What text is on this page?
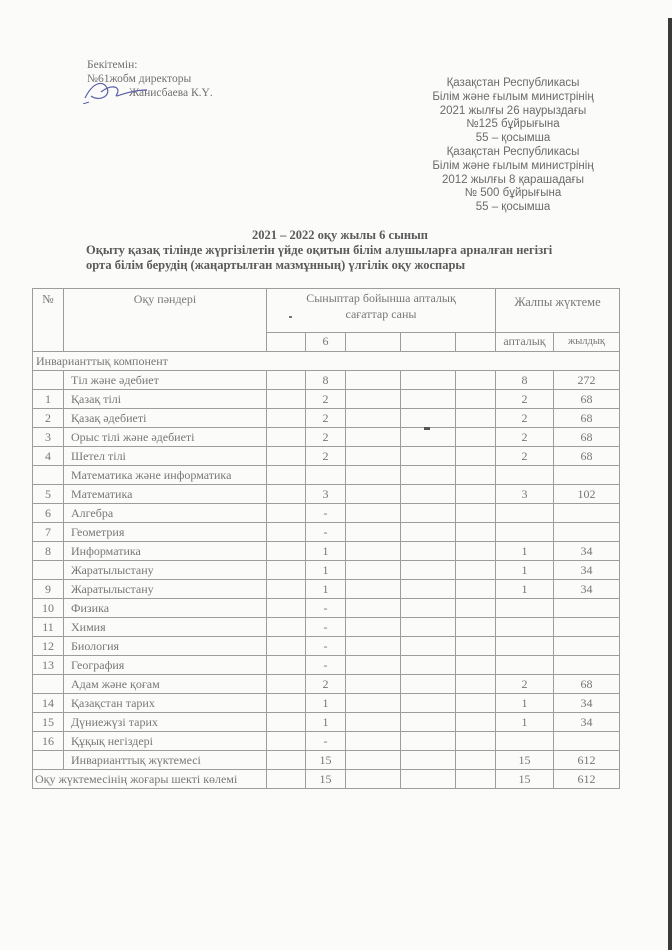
Бекітемін:
№61жобм директоры
Жанисбаева К.Ү.
Қазақстан Республикасы
Білім және ғылым министрінің
2021 жылғы 26 наурыздағы
№125 бұйрығына
55 – қосымша
Қазақстан Республикасы
Білім және ғылым министрінің
2012 жылғы 8 қарашадағы
№ 500 бұйрығына
55 – қосымша
2021 – 2022 оқу жылы 6 сынып
Оқыту қазақ тілінде жүргізілетін үйде оқитын білім алушыларға арналған негізгі
орта білім берудің (жаңартылған мазмұнның) үлгілік оқу жоспары
№	Оқу пәндері	Сыныптар бойынша апталық сағаттар саны					Жалпы жүктеме	
			6				апталық	жылдық
Инварианттық компонент								
	Тіл және әдебиет		8				8	272
1	Қазақ тілі		2				2	68
2	Қазақ әдебиеті		2				2	68
3	Орыс тілі және әдебиеті		2				2	68
4	Шетел тілі		2				2	68
	Математика және информатика							
5	Математика		3				3	102
6	Алгебра		-					
7	Геометрия		-					
8	Информатика		1				1	34
	Жаратылыстану		1				1	34
9	Жаратылыстану		1				1	34
10	Физика		-					
11	Химия		-					
12	Биология		-					
13	География		-					
	Адам және қоғам		2				2	68
14	Қазақстан тарих		1				1	34
15	Дүниежүзі тарих		1				1	34
16	Құқық негіздері		-					
	Инварианттық жүктемесі		15				15	612
Оқу жүктемесінің жоғары шекті көлемі			15				15	612
